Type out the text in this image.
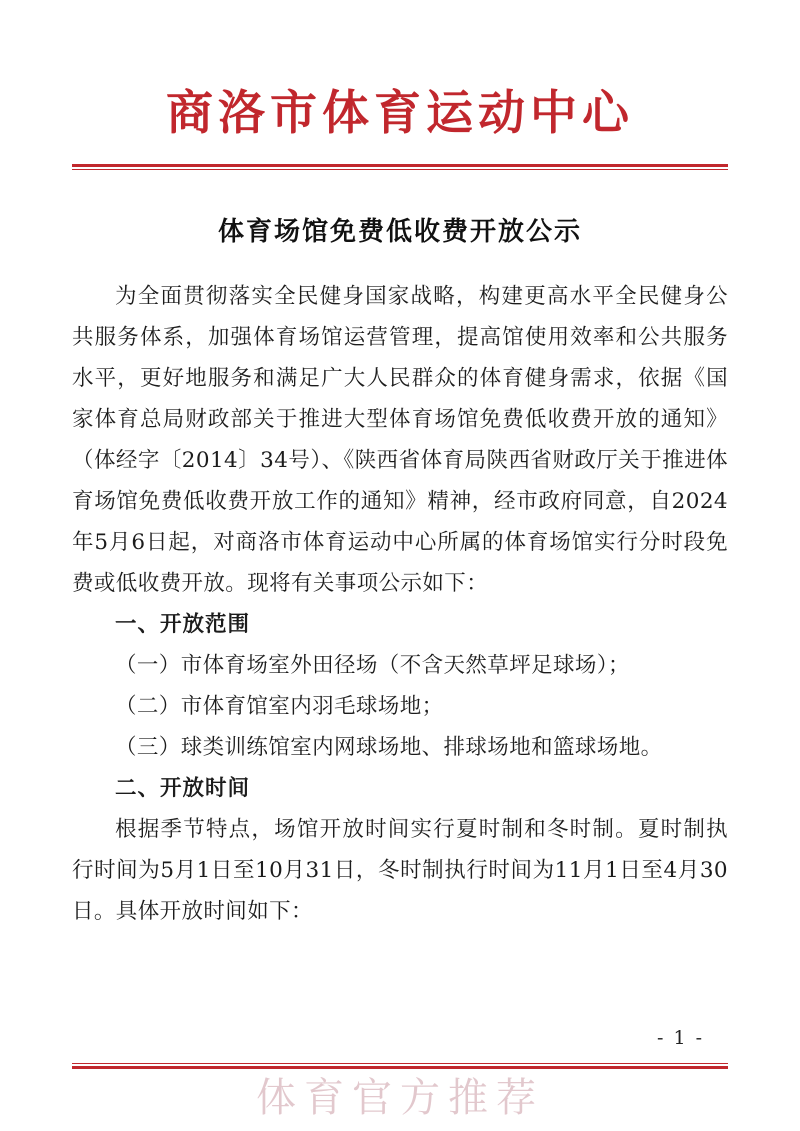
商洛市体育运动中心
体育场馆免费低收费开放公示

为全面贯彻落实全民健身国家战略，构建更高水平全民健身公共服务体系，加强体育场馆运营管理，提高馆使用效率和公共服务水平，更好地服务和满足广大人民群众的体育健身需求，依据《国家体育总局财政部关于推进大型体育场馆免费低收费开放的通知》（体经字〔2014〕34号）、《陕西省体育局陕西省财政厅关于推进体育场馆免费低收费开放工作的通知》精神，经市政府同意，自2024年5月6日起，对商洛市体育运动中心所属的体育场馆实行分时段免费或低收费开放。现将有关事项公示如下：

一、开放范围

（一）市体育场室外田径场（不含天然草坪足球场）；

（二）市体育馆室内羽毛球场地；

（三）球类训练馆室内网球场地、排球场地和篮球场地。

二、开放时间

根据季节特点，场馆开放时间实行夏时制和冬时制。夏时制执行时间为5月1日至10月31日，冬时制执行时间为11月1日至4月30日。具体开放时间如下：

- 1 -
体育官方推荐
